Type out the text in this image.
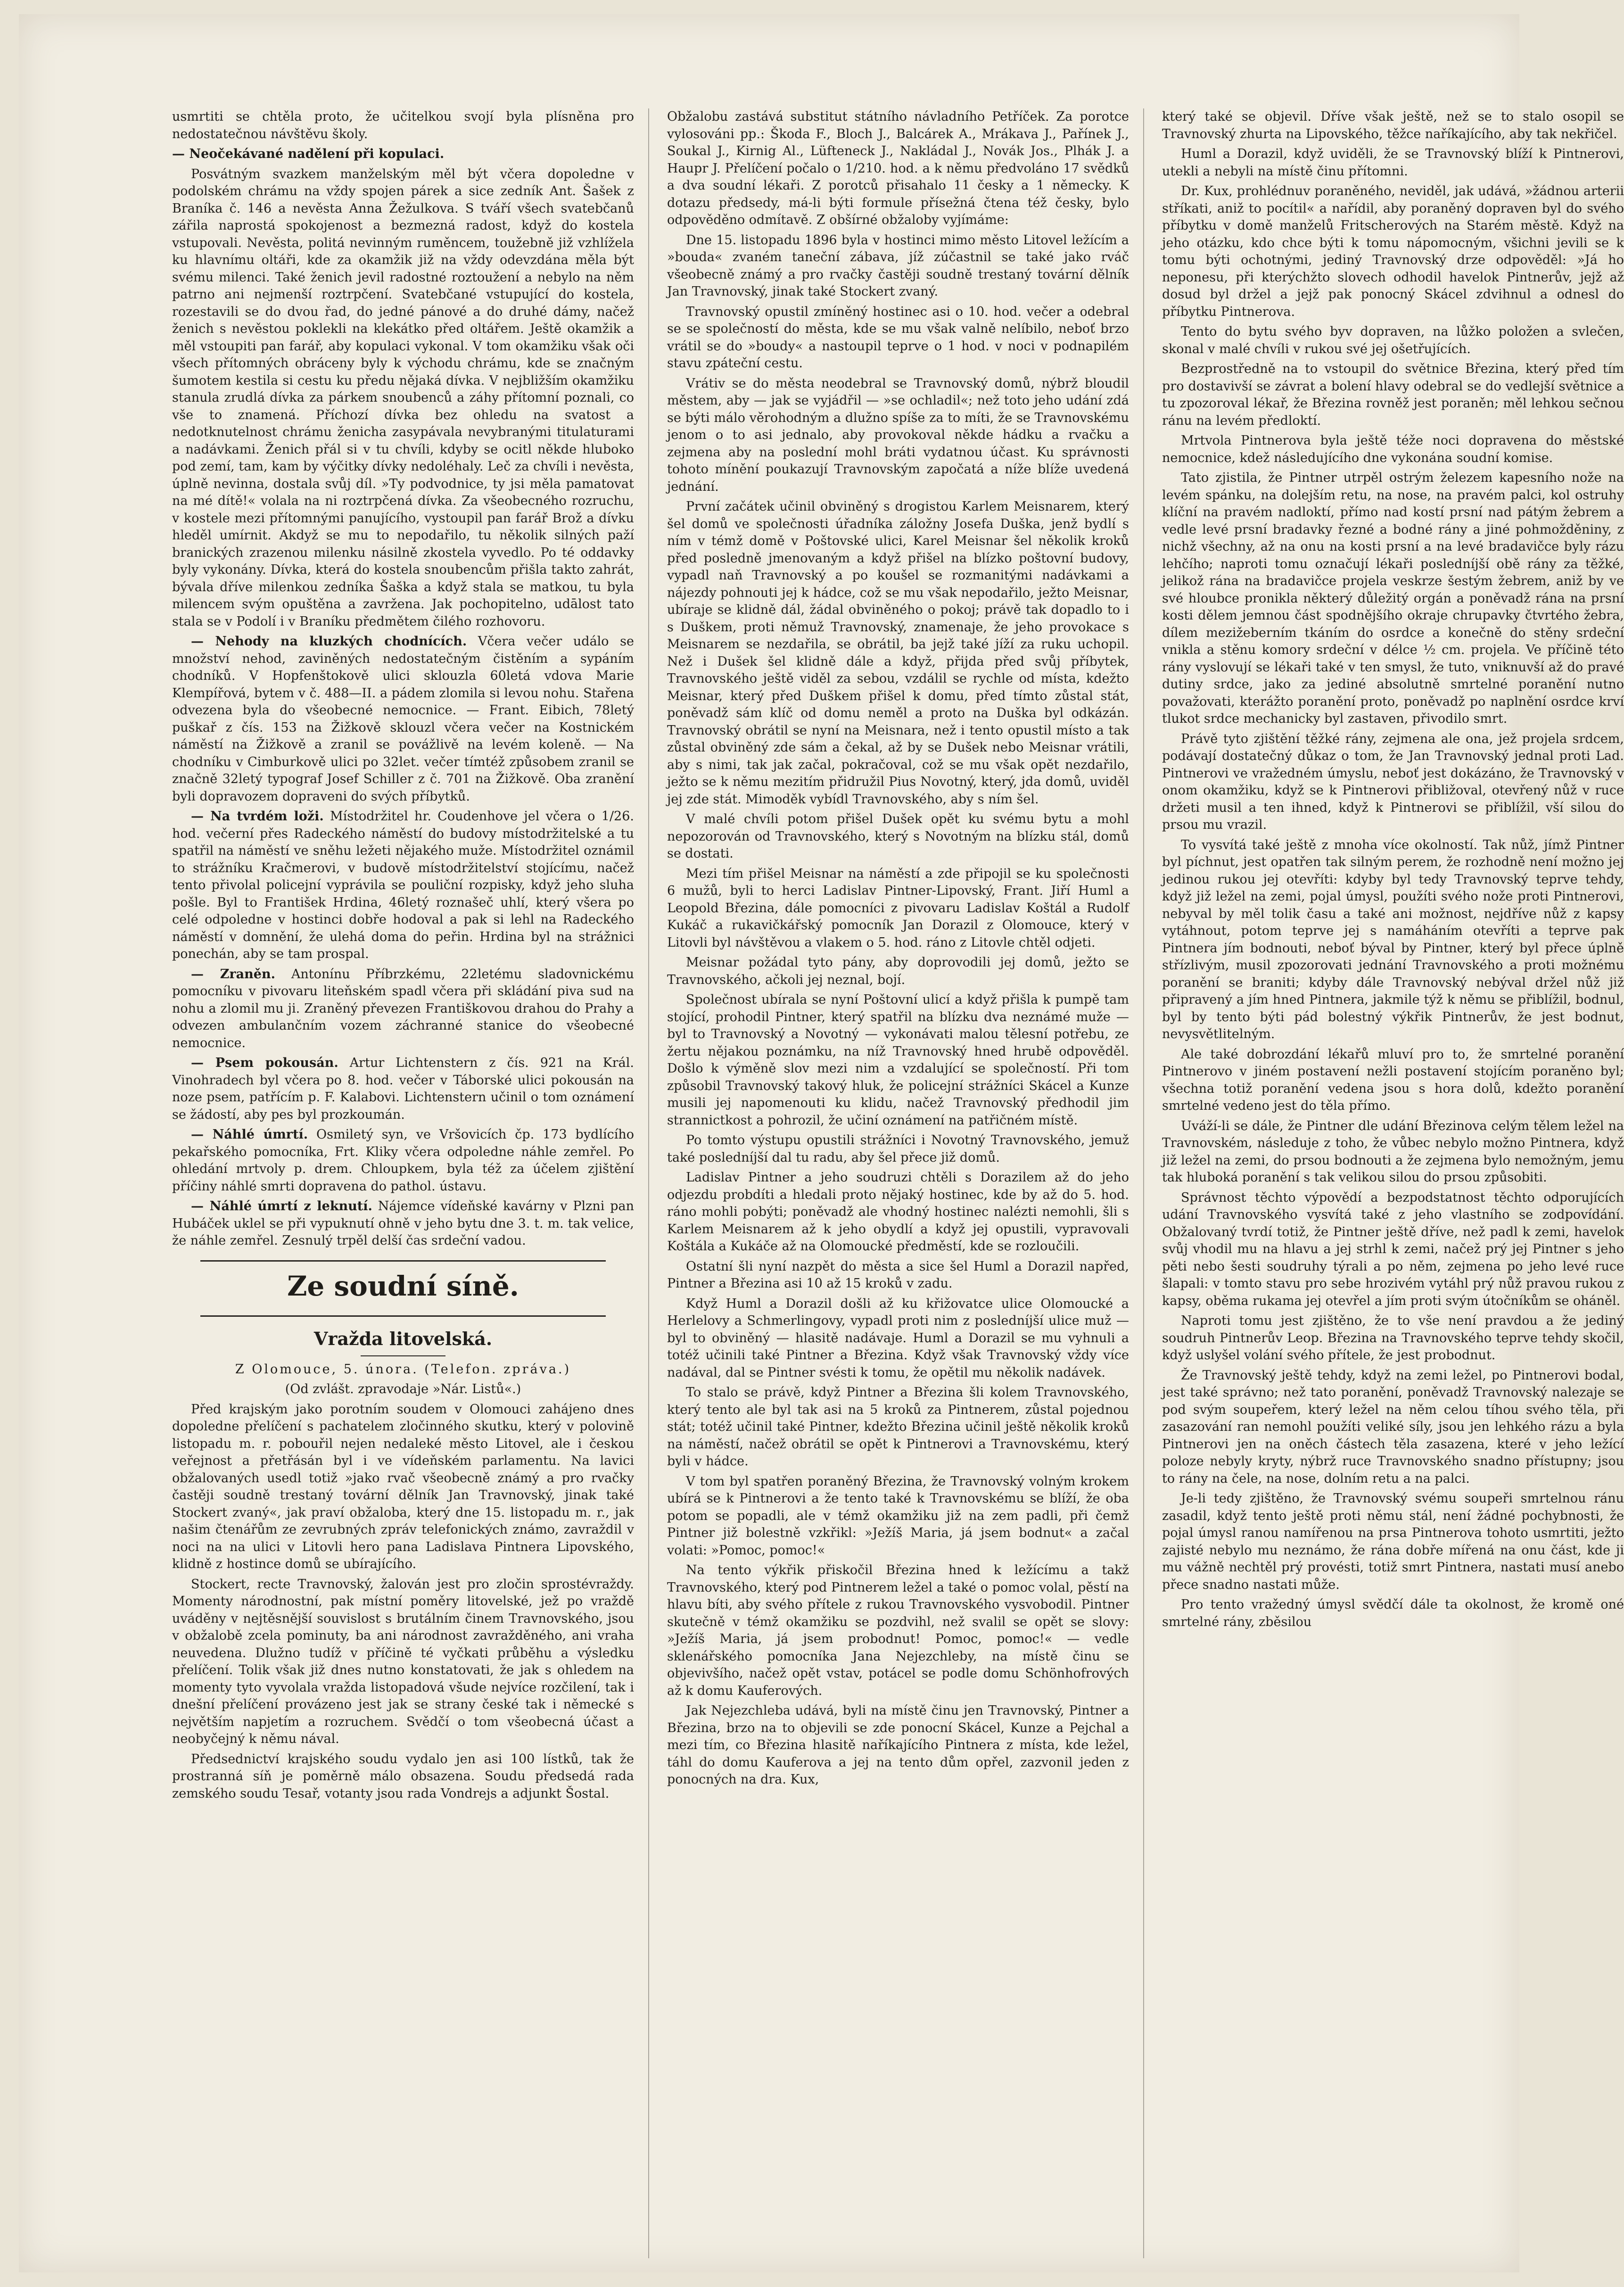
usmrtiti se chtěla proto, že učitelkou svojí byla plísněna pro nedostatečnou návštěvu školy.

— Neočekávané nadělení při kopulaci.

Posvátným svazkem manželským měl být včera dopoledne v podolském chrámu na vždy spojen párek a sice zedník Ant. Šašek z Braníka č. 146 a nevěsta Anna Žežulkova. S tváří všech svatebčanů zářila naprostá spokojenost a bezmezná radost, když do kostela vstupovali. Nevěsta, politá nevinným ruměncem, toužebně již vzhlížela ku hlavnímu oltáři, kde za okamžik již na vždy odevzdána měla být svému milenci. Také ženich jevil radostné roztoužení a nebylo na něm patrno ani nejmenší roztrpčení. Svatebčané vstupující do kostela, rozestavili se do dvou řad, do jedné pánové a do druhé dámy, načež ženich s nevěstou poklekli na klekátko před oltářem. Ještě okamžik a měl vstoupiti pan farář, aby kopulaci vykonal. V tom okamžiku však oči všech přítomných obráceny byly k východu chrámu, kde se značným šumotem kestila si cestu ku předu nějaká dívka. V nejbližším okamžiku stanula zrudlá dívka za párkem snoubenců a záhy přítomní poznali, co vše to znamená. Příchozí dívka bez ohledu na svatost a nedotknutelnost chrámu ženicha zasypávala nevybranými titulaturami a nadávkami. Ženich přál si v tu chvíli, kdyby se ocitl někde hluboko pod zemí, tam, kam by výčitky dívky nedoléhaly. Leč za chvíli i nevěsta, úplně nevinna, dostala svůj díl. »Ty podvodnice, ty jsi měla pamatovat na mé dítě!« volala na ni roztrpčená dívka. Za všeobecného rozruchu, v kostele mezi přítomnými panujícího, vystoupil pan farář Brož a dívku hleděl umírnit. Akdyž se mu to nepodařilo, tu několik silných paží branických zrazenou milenku násilně zkostela vyvedlo. Po té oddavky byly vykonány. Dívka, která do kostela snoubencům přišla takto zahrát, bývala dříve milenkou zedníka Šaška a když stala se matkou, tu byla milencem svým opuštěna a zavržena. Jak pochopitelno, udālost tato stala se v Podolí i v Braníku předmětem čilého rozhovoru.

— Nehody na kluzkých chodnících. Včera večer událo se množství nehod, zaviněných nedostatečným čistěním a sypáním chodníků. V Hopfenštokově ulici sklouzla 60letá vdova Marie Klempířová, bytem v č. 488—II. a pádem zlomila si levou nohu. Stařena odvezena byla do všeobecné nemocnice. — Frant. Eibich, 78letý puškař z čís. 153 na Žižkově sklouzl včera večer na Kostnickém náměstí na Žižkově a zranil se povážlivě na levém koleně. — Na chodníku v Cimburkově ulici po 32let. večer tímtéž způsobem zranil se značně 32letý typograf Josef Schiller z č. 701 na Žižkově. Oba zranění byli dopravozem dopraveni do svých příbytků.

— Na tvrdém loži. Místodržitel hr. Coudenhove jel včera o 1/26. hod. večerní přes Radeckého náměstí do budovy místodržitelské a tu spatřil na náměstí ve sněhu ležeti nějakého muže. Místodržitel oznámil to strážníku Kračmerovi, v budově místodržitelství stojícímu, načež tento přivolal policejní vyprávila se pouliční rozpisky, když jeho sluha pošle. Byl to František Hrdina, 46letý roznašeč uhlí, který všera po celé odpoledne v hostinci dobře hodoval a pak si lehl na Radeckého náměstí v domnění, že ulehá doma do peřin. Hrdina byl na strážnici ponechán, aby se tam prospal.

— Zraněn. Antonínu Příbrzkému, 22letému sladovnickému pomocníku v pivovaru liteňském spadl včera při skládání piva sud na nohu a zlomil mu ji. Zraněný převezen Františkovou drahou do Prahy a odvezen ambulančním vozem záchranné stanice do všeobecné nemocnice.

— Psem pokousán. Artur Lichtenstern z čís. 921 na Král. Vinohradech byl včera po 8. hod. večer v Táborské ulici pokousán na noze psem, patřícím p. F. Kalabovi. Lichtenstern učinil o tom oznámení se žádostí, aby pes byl prozkoumán.

— Náhlé úmrtí. Osmiletý syn, ve Vršovicích čp. 173 bydlícího pekařského pomocníka, Frt. Kliky včera odpoledne náhle zemřel. Po ohledání mrtvoly p. drem. Chloupkem, byla též za účelem zjištění příčiny náhlé smrti dopravena do pathol. ústavu.

— Náhlé úmrtí z leknutí. Nájemce vídeňské kavárny v Plzni pan Hubáček uklel se při vypuknutí ohně v jeho bytu dne 3. t. m. tak velice, že náhle zemřel. Zesnulý trpěl delší čas srdeční vadou.

Ze soudní síně.
Vražda litovelská.

Z Olomouce, 5. února. (Telefon. zpráva.)

(Od zvlášt. zpravodaje »Nár. Listů«.)

Před krajským jako porotním soudem v Olomouci zahájeno dnes dopoledne přelíčení s pachatelem zločinného skutku, který v polovině listopadu m. r. pobouřil nejen nedaleké město Litovel, ale i českou veřejnost a přetřásán byl i ve vídeňském parlamentu. Na lavici obžalovaných usedl totiž »jako rvač všeobecně známý a pro rvačky častěji soudně trestaný tovární dělník Jan Travnovský, jinak také Stockert zvaný«, jak praví obžaloba, který dne 15. listopadu m. r., jak našim čtenářům ze zevrubných zpráv telefonických známo, zavraždil v noci na na ulici v Litovli hero pana Ladislava Pintnera Lipovského, klidně z hostince domů se ubírajícího.

Stockert, recte Travnovský, žalován jest pro zločin sprostévraždy. Momenty národnostní, pak místní poměry litovelské, jež po vraždě uváděny v nejtěsnější souvislost s brutálním činem Travnovského, jsou v obžalobě zcela pominuty, ba ani národnost zavražděného, ani vraha neuvedena. Dlužno tudíž v příčině té vyčkati průběhu a výsledku přelíčení. Tolik však již dnes nutno konstatovati, že jak s ohledem na momenty tyto vyvolala vražda listopadová všude nejvíce rozčilení, tak i dnešní přelíčení provázeno jest jak se strany české tak i německé s největším napjetím a rozruchem. Svědčí o tom všeobecná účast a neobyčejný k němu nával.

Předsednictví krajského soudu vydalo jen asi 100 lístků, tak že prostranná síň je poměrně málo obsazena. Soudu předsedá rada zemského soudu Tesař, votanty jsou rada Vondrejs a adjunkt Šostal.

Obžalobu zastává substitut státního návladního Petříček. Za porotce vylosováni pp.: Škoda F., Bloch J., Balcárek A., Mrákava J., Pařínek J., Soukal J., Kirnig Al., Lüfteneck J., Nakládal J., Novák Jos., Plhák J. a Haupr J. Přelíčení počalo o 1/210. hod. a k němu předvoláno 17 svědků a dva soudní lékaři. Z porotců přisahalo 11 česky a 1 německy. K dotazu předsedy, má-li býti formule přísežná čtena též česky, bylo odpověděno odmítavě. Z obšírné obžaloby vyjímáme:

Dne 15. listopadu 1896 byla v hostinci mimo město Litovel ležícím a »bouda« zvaném taneční zábava, jíž zúčastnil se také jako rváč všeobecně známý a pro rvačky častěji soudně trestaný tovární dělník Jan Travnovský, jinak také Stockert zvaný.

Travnovský opustil zmíněný hostinec asi o 10. hod. večer a odebral se se společností do města, kde se mu však valně nelíbilo, neboť brzo vrátil se do »boudy« a nastoupil teprve o 1 hod. v noci v podnapilém stavu zpáteční cestu.

Vrátiv se do města neodebral se Travnovský domů, nýbrž bloudil městem, aby — jak se vyjádřil — »se ochladil«; než toto jeho udání zdá se býti málo věrohodným a dlužno spíše za to míti, že se Travnovskému jenom o to asi jednalo, aby provokoval někde hádku a rvačku a zejmena aby na poslední mohl bráti vydatnou účast. Ku správnosti tohoto mínění poukazují Travnovským započatá a níže blíže uvedená jednání.

První začátek učinil obviněný s drogistou Karlem Meisnarem, který šel domů ve společnosti úřadníka záložny Josefa Duška, jenž bydlí s ním v témž domě v Poštovské ulici, Karel Meisnar šel několik kroků před posledně jmenovaným a když přišel na blízko poštovní budovy, vypadl naň Travnovský a po koušel se rozmanitými nadávkami a nájezdy pohnouti jej k hádce, což se mu však nepodařilo, ježto Meisnar, ubíraje se klidně dál, žádal obviněného o pokoj; právě tak dopadlo to i s Duškem, proti němuž Travnovský, znamenaje, že jeho provokace s Meisnarem se nezdařila, se obrátil, ba jejž také jíží za ruku uchopil. Než i Dušek šel klidně dále a když, přijda před svůj příbytek, Travnovského ještě viděl za sebou, vzdálil se rychle od místa, kdežto Meisnar, který před Duškem přišel k domu, před tímto zůstal stát, poněvadž sám klíč od domu neměl a proto na Duška byl odkázán. Travnovský obrátil se nyní na Meisnara, než i tento opustil místo a tak zůstal obviněný zde sám a čekal, až by se Dušek nebo Meisnar vrátili, aby s nimi, tak jak začal, pokračoval, což se mu však opět nezdařilo, ježto se k němu mezitím přidružil Pius Novotný, který, jda domů, uviděl jej zde stát. Mimoděk vybídl Travnovského, aby s ním šel.

V malé chvíli potom přišel Dušek opět ku svému bytu a mohl nepozorován od Travnovského, který s Novotným na blízku stál, domů se dostati.

Mezi tím přišel Meisnar na náměstí a zde připojil se ku společnosti 6 mužů, byli to herci Ladislav Pintner-Lipovský, Frant. Jiří Huml a Leopold Březina, dále pomocníci z pivovaru Ladislav Koštál a Rudolf Kukáč a rukavičkářský pomocník Jan Dorazil z Olomouce, který v Litovli byl návštěvou a vlakem o 5. hod. ráno z Litovle chtěl odjeti.

Meisnar požádal tyto pány, aby doprovodili jej domů, ježto se Travnovského, ačkoli jej neznal, bojí.

Společnost ubírala se nyní Poštovní ulicí a když přišla k pumpě tam stojící, prohodil Pintner, který spatřil na blízku dva neznámé muže — byl to Travnovský a Novotný — vykonávati malou tělesní potřebu, ze žertu nějakou poznámku, na níž Travnovský hned hrubě odpověděl. Došlo k výměně slov mezi nim a vzdalující se společností. Při tom způsobil Travnovský takový hluk, že policejní strážníci Skácel a Kunze musili jej napomenouti ku klidu, načež Travnovský předhodil jim strannictkost a pohrozil, že učiní oznámení na patřičném místě.

Po tomto výstupu opustili strážníci i Novotný Travnovského, jemuž také posledníjší dal tu radu, aby šel přece již domů.

Ladislav Pintner a jeho soudruzi chtěli s Dorazilem až do jeho odjezdu probdíti a hledali proto nějaký hostinec, kde by až do 5. hod. ráno mohli pobýti; poněvadž ale vhodný hostinec nalézti nemohli, šli s Karlem Meisnarem až k jeho obydlí a když jej opustili, vypravovali Koštála a Kukáče až na Olomoucké předměstí, kde se rozloučili.

Ostatní šli nyní nazpět do města a sice šel Huml a Dorazil napřed, Pintner a Březina asi 10 až 15 kroků v zadu.

Když Huml a Dorazil došli až ku křižovatce ulice Olomoucké a Herlelovy a Schmerlingovy, vypadl proti nim z posledníjší ulice muž — byl to obviněný — hlasitě nadávaje. Huml a Dorazil se mu vyhnuli a totéž učinili také Pintner a Březina. Když však Travnovský vždy více nadával, dal se Pintner svésti k tomu, že opětil mu několik nadávek.

To stalo se právě, když Pintner a Březina šli kolem Travnovského, který tento ale byl tak asi na 5 kroků za Pintnerem, zůstal pojednou stát; totéž učinil také Pintner, kdežto Březina učinil ještě několik kroků na náměstí, načež obrátil se opět k Pintnerovi a Travnovskému, který byli v hádce.

V tom byl spatřen poraněný Březina, že Travnovský volným krokem ubírá se k Pintnerovi a že tento také k Travnovskému se blíží, že oba potom se popadli, ale v témž okamžiku již na zem padli, při čemž Pintner již bolestně vzkřikl: »Ježíš Maria, já jsem bodnut« a začal volati: »Pomoc, pomoc!«

Na tento výkřik přiskočil Březina hned k ležícímu a takž Travnovského, který pod Pintnerem ležel a také o pomoc volal, pěstí na hlavu bíti, aby svého přítele z rukou Travnovského vysvobodil. Pintner skutečně v témž okamžiku se pozdvihl, než svalil se opět se slovy: »Ježíš Maria, já jsem probodnut! Pomoc, pomoc!« — vedle sklenářského pomocníka Jana Nejezchleby, na místě činu se objevivšího, načež opět vstav, potácel se podle domu Schönhofrových až k domu Kauferových.

Jak Nejezchleba udává, byli na místě činu jen Travnovský, Pintner a Březina, brzo na to objevili se zde ponocní Skácel, Kunze a Pejchal a mezi tím, co Březina hlasitě naříkajícího Pintnera z místa, kde ležel, táhl do domu Kauferova a jej na tento dům opřel, zazvonil jeden z ponocných na dra. Kux,

který také se objevil. Dříve však ještě, než se to stalo osopil se Travnovský zhurta na Lipovského, těžce naříkajícího, aby tak nekřičel.

Huml a Dorazil, když uviděli, že se Travnovský blíží k Pintnerovi, utekli a nebyli na místě činu přítomni.

Dr. Kux, prohlédnuv poraněného, neviděl, jak udává, »žádnou arterii stříkati, aniž to pocítil« a nařídil, aby poraněný dopraven byl do svého příbytku v domě manželů Fritscherových na Starém městě. Když na jeho otázku, kdo chce býti k tomu nápomocným, všichni jevili se k tomu býti ochotnými, jediný Travnovský drze odpověděl: »Já ho neponesu, při kterýchžto slovech odhodil havelok Pintnerův, jejž až dosud byl držel a jejž pak ponocný Skácel zdvihnul a odnesl do příbytku Pintnerova.

Tento do bytu svého byv dopraven, na lůžko položen a svlečen, skonal v malé chvíli v rukou své jej ošetřujících.

Bezprostředně na to vstoupil do světnice Březina, který před tím pro dostavivší se závrat a bolení hlavy odebral se do vedlejší světnice a tu zpozoroval lékař, že Březina rovněž jest poraněn; měl lehkou sečnou ránu na levém předloktí.

Mrtvola Pintnerova byla ještě téže noci dopravena do městské nemocnice, kdež následujícího dne vykonána soudní komise.

Tato zjistila, že Pintner utrpěl ostrým železem kapesního nože na levém spánku, na dolejším retu, na nose, na pravém palci, kol ostruhy klíční na pravém nadloktí, přímo nad kostí prsní nad pátým žebrem a vedle levé prsní bradavky řezné a bodné rány a jiné pohmožděniny, z nichž všechny, až na onu na kosti prsní a na levé bradavičce byly rázu lehčího; naproti tomu označují lékaři posledníjší obě rány za těžké, jelikož rána na bradavičce projela veskrze šestým žebrem, aniž by ve své hloubce pronikla některý důležitý orgán a poněvadž rána na prsní kosti dělem jemnou část spodnějšího okraje chrupavky čtvrtého žebra, dílem mezižeberním tkáním do osrdce a konečně do stěny srdeční vnikla a stěnu komory srdeční v délce ½ cm. projela. Ve příčině této rány vyslovují se lékaři také v ten smysl, že tuto, vniknuvší až do pravé dutiny srdce, jako za jediné absolutně smrtelné poranění nutno považovati, kterážto poranění proto, poněvadž po naplnění osrdce krví tlukot srdce mechanicky byl zastaven, přivodilo smrt.

Právě tyto zjištění těžké rány, zejmena ale ona, jež projela srdcem, podávají dostatečný důkaz o tom, že Jan Travnovský jednal proti Lad. Pintnerovi ve vražedném úmyslu, neboť jest dokázáno, že Travnovský v onom okamžiku, když se k Pintnerovi přibližoval, otevřený nůž v ruce držeti musil a ten ihned, když k Pintnerovi se přiblížil, vší silou do prsou mu vrazil.

To vysvítá také ještě z mnoha více okolností. Tak nůž, jímž Pintner byl píchnut, jest opatřen tak silným perem, že rozhodně není možno jej jedinou rukou jej otevříti: kdyby byl tedy Travnovský teprve tehdy, když již ležel na zemi, pojal úmysl, použíti svého nože proti Pintnerovi, nebyval by měl tolik času a také ani možnost, nejdříve nůž z kapsy vytáhnout, potom teprve jej s namáháním otevříti a teprve pak Pintnera jím bodnouti, neboť býval by Pintner, který byl přece úplně střízlivým, musil zpozorovati jednání Travnovského a proti možnému poranění se braniti; kdyby dále Travnovský nebýval držel nůž již připravený a jím hned Pintnera, jakmile týž k němu se přiblížil, bodnul, byl by tento býti pád bolestný výkřik Pintnerův, že jest bodnut, nevysvětlitelným.

Ale také dobrozdání lékařů mluví pro to, že smrtelné poranění Pintnerovo v jiném postavení nežli postavení stojícím poraněno byl; všechna totiž poranění vedena jsou s hora dolů, kdežto poranění smrtelné vedeno jest do těla přímo.

Uváží-li se dále, že Pintner dle udání Březinova celým tělem ležel na Travnovském, následuje z toho, že vůbec nebylo možno Pintnera, když již ležel na zemi, do prsou bodnouti a že zejmena bylo nemožným, jemu tak hluboká poranění s tak velikou silou do prsou způsobiti.

Správnost těchto výpovědí a bezpodstatnost těchto odporujících udání Travnovského vysvítá také z jeho vlastního se zodpovídání. Obžalovaný tvrdí totiž, že Pintner ještě dříve, než padl k zemi, havelok svůj vhodil mu na hlavu a jej strhl k zemi, načež prý jej Pintner s jeho pěti nebo šesti soudruhy týrali a po něm, zejmena po jeho levé ruce šlapali: v tomto stavu pro sebe hrozivém vytáhl prý nůž pravou rukou z kapsy, oběma rukama jej otevřel a jím proti svým útočníkům se oháněl.

Naproti tomu jest zjištěno, že to vše není pravdou a že jediný soudruh Pintnerův Leop. Březina na Travnovského teprve tehdy skočil, když uslyšel volání svého přítele, že jest probodnut.

Že Travnovský ještě tehdy, když na zemi ležel, po Pintnerovi bodal, jest také správno; než tato poranění, poněvadž Travnovský nalezaje se pod svým soupeřem, který ležel na něm celou tíhou svého těla, při zasazování ran nemohl použíti veliké síly, jsou jen lehkého rázu a byla Pintnerovi jen na oněch částech těla zasazena, které v jeho ležící poloze nebyly kryty, nýbrž ruce Travnovského snadno přístupny; jsou to rány na čele, na nose, dolním retu a na palci.

Je-li tedy zjištěno, že Travnovský svému soupeři smrtelnou ránu zasadil, když tento ještě proti němu stál, není žádné pochybnosti, že pojal úmysl ranou namířenou na prsa Pintnerova tohoto usmrtiti, ježto zajisté nebylo mu neznámo, že rána dobře mířená na onu část, kde ji mu vážně nechtěl prý provésti, totiž smrt Pintnera, nastati musí anebo přece snadno nastati může.

Pro tento vražedný úmysl svědčí dále ta okolnost, že kromě oné smrtelné rány, zběsilou
